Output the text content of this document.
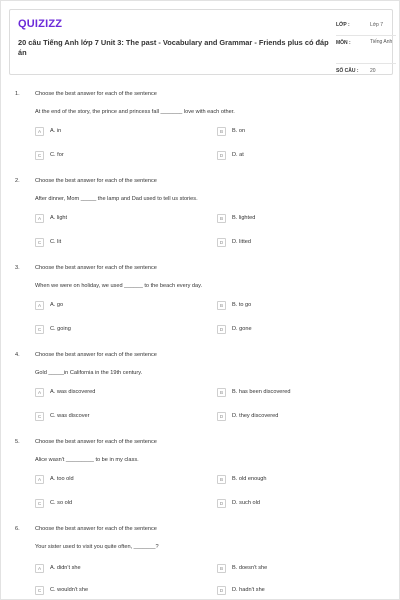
QUIZIZZ
20 câu Tiếng Anh lớp 7 Unit 3: The past - Vocabulary and Grammar - Friends plus có đáp án
LỚP :	Lớp 7
MÔN :	Tiếng Anh
SỐ CÂU : 20
1.	Choose the best answer for each of the sentence
At the end of the story, the prince and princess fall _______ love with each other.
A	A. in	B	B. on
C	C. for	D	D. at
2.	Choose the best answer for each of the sentence
After dinner, Mom _____ the lamp and Dad used to tell us stories.
A	A. light	B	B. lighted
C	C. lit	D	D. litted
3.	Choose the best answer for each of the sentence
When we were on holiday, we used ______ to the beach every day.
A	A. go	B	B. to go
C	C. going	D	D. gone
4.	Choose the best answer for each of the sentence
Gold _____in California in the 19th century.
A	A. was discovered	B	B. has been discovered
C	C. was discover	D	D. they discovered
5.	Choose the best answer for each of the sentence
Alice wasn't _________ to be in my class.
A	A. too old	B	B. old enough
C	C. so old	D	D. such old
6.	Choose the best answer for each of the sentence
Your sister used to visit you quite often, _______?
A	A. didn't she	B	B. doesn't she
C	C. wouldn't she	D	D. hadn't she
